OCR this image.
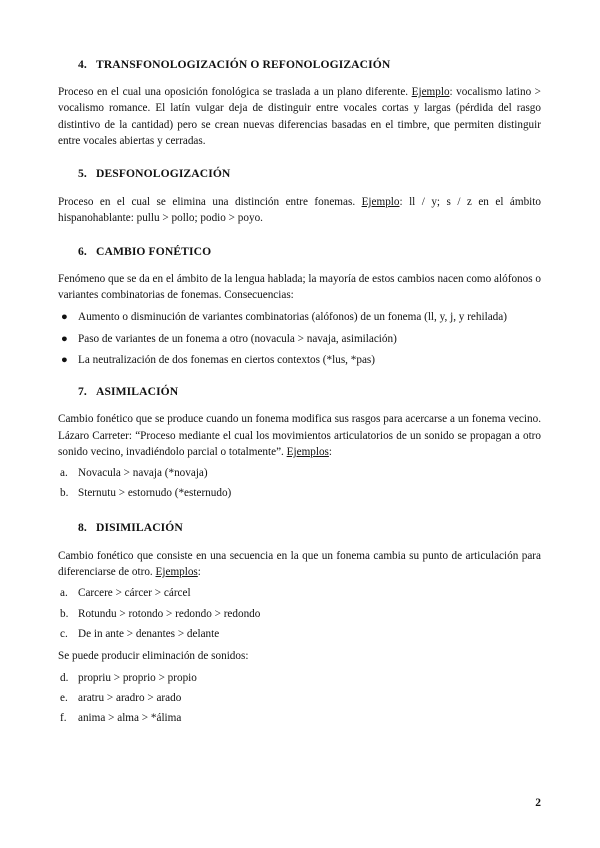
4. TRANSFONOLOGIZACIÓN O REFONOLOGIZACIÓN

Proceso en el cual una oposición fonológica se traslada a un plano diferente. Ejemplo: vocalismo latino > vocalismo romance. El latín vulgar deja de distinguir entre vocales cortas y largas (pérdida del rasgo distintivo de la cantidad) pero se crean nuevas diferencias basadas en el timbre, que permiten distinguir entre vocales abiertas y cerradas.

5. DESFONOLOGIZACIÓN

Proceso en el cual se elimina una distinción entre fonemas. Ejemplo: ll / y; s / z en el ámbito hispanohablante: pullu > pollo; podio > poyo.

6. CAMBIO FONÉTICO

Fenómeno que se da en el ámbito de la lengua hablada; la mayoría de estos cambios nacen como alófonos o variantes combinatorias de fonemas. Consecuencias:

● Aumento o disminución de variantes combinatorias (alófonos) de un fonema (ll, y, j, y rehilada)
● Paso de variantes de un fonema a otro (novacula > navaja, asimilación)
● La neutralización de dos fonemas en ciertos contextos (*lus, *pas)
7. ASIMILACIÓN

Cambio fonético que se produce cuando un fonema modifica sus rasgos para acercarse a un fonema vecino. Lázaro Carreter: “Proceso mediante el cual los movimientos articulatorios de un sonido se propagan a otro sonido vecino, invadiéndolo parcial o totalmente”. Ejemplos:

a. Novacula > navaja (*novaja)
b. Sternutu > estornudo (*esternudo)
8. DISIMILACIÓN

Cambio fonético que consiste en una secuencia en la que un fonema cambia su punto de articulación para diferenciarse de otro. Ejemplos:

a. Carcere > cárcer > cárcel
b. Rotundu > rotondo > redondo > redondo
c. De in ante > denantes > delante

Se puede producir eliminación de sonidos:

d. propriu > proprio > propio
e. aratru > aradro > arado
f. anima > alma > *álima
2
